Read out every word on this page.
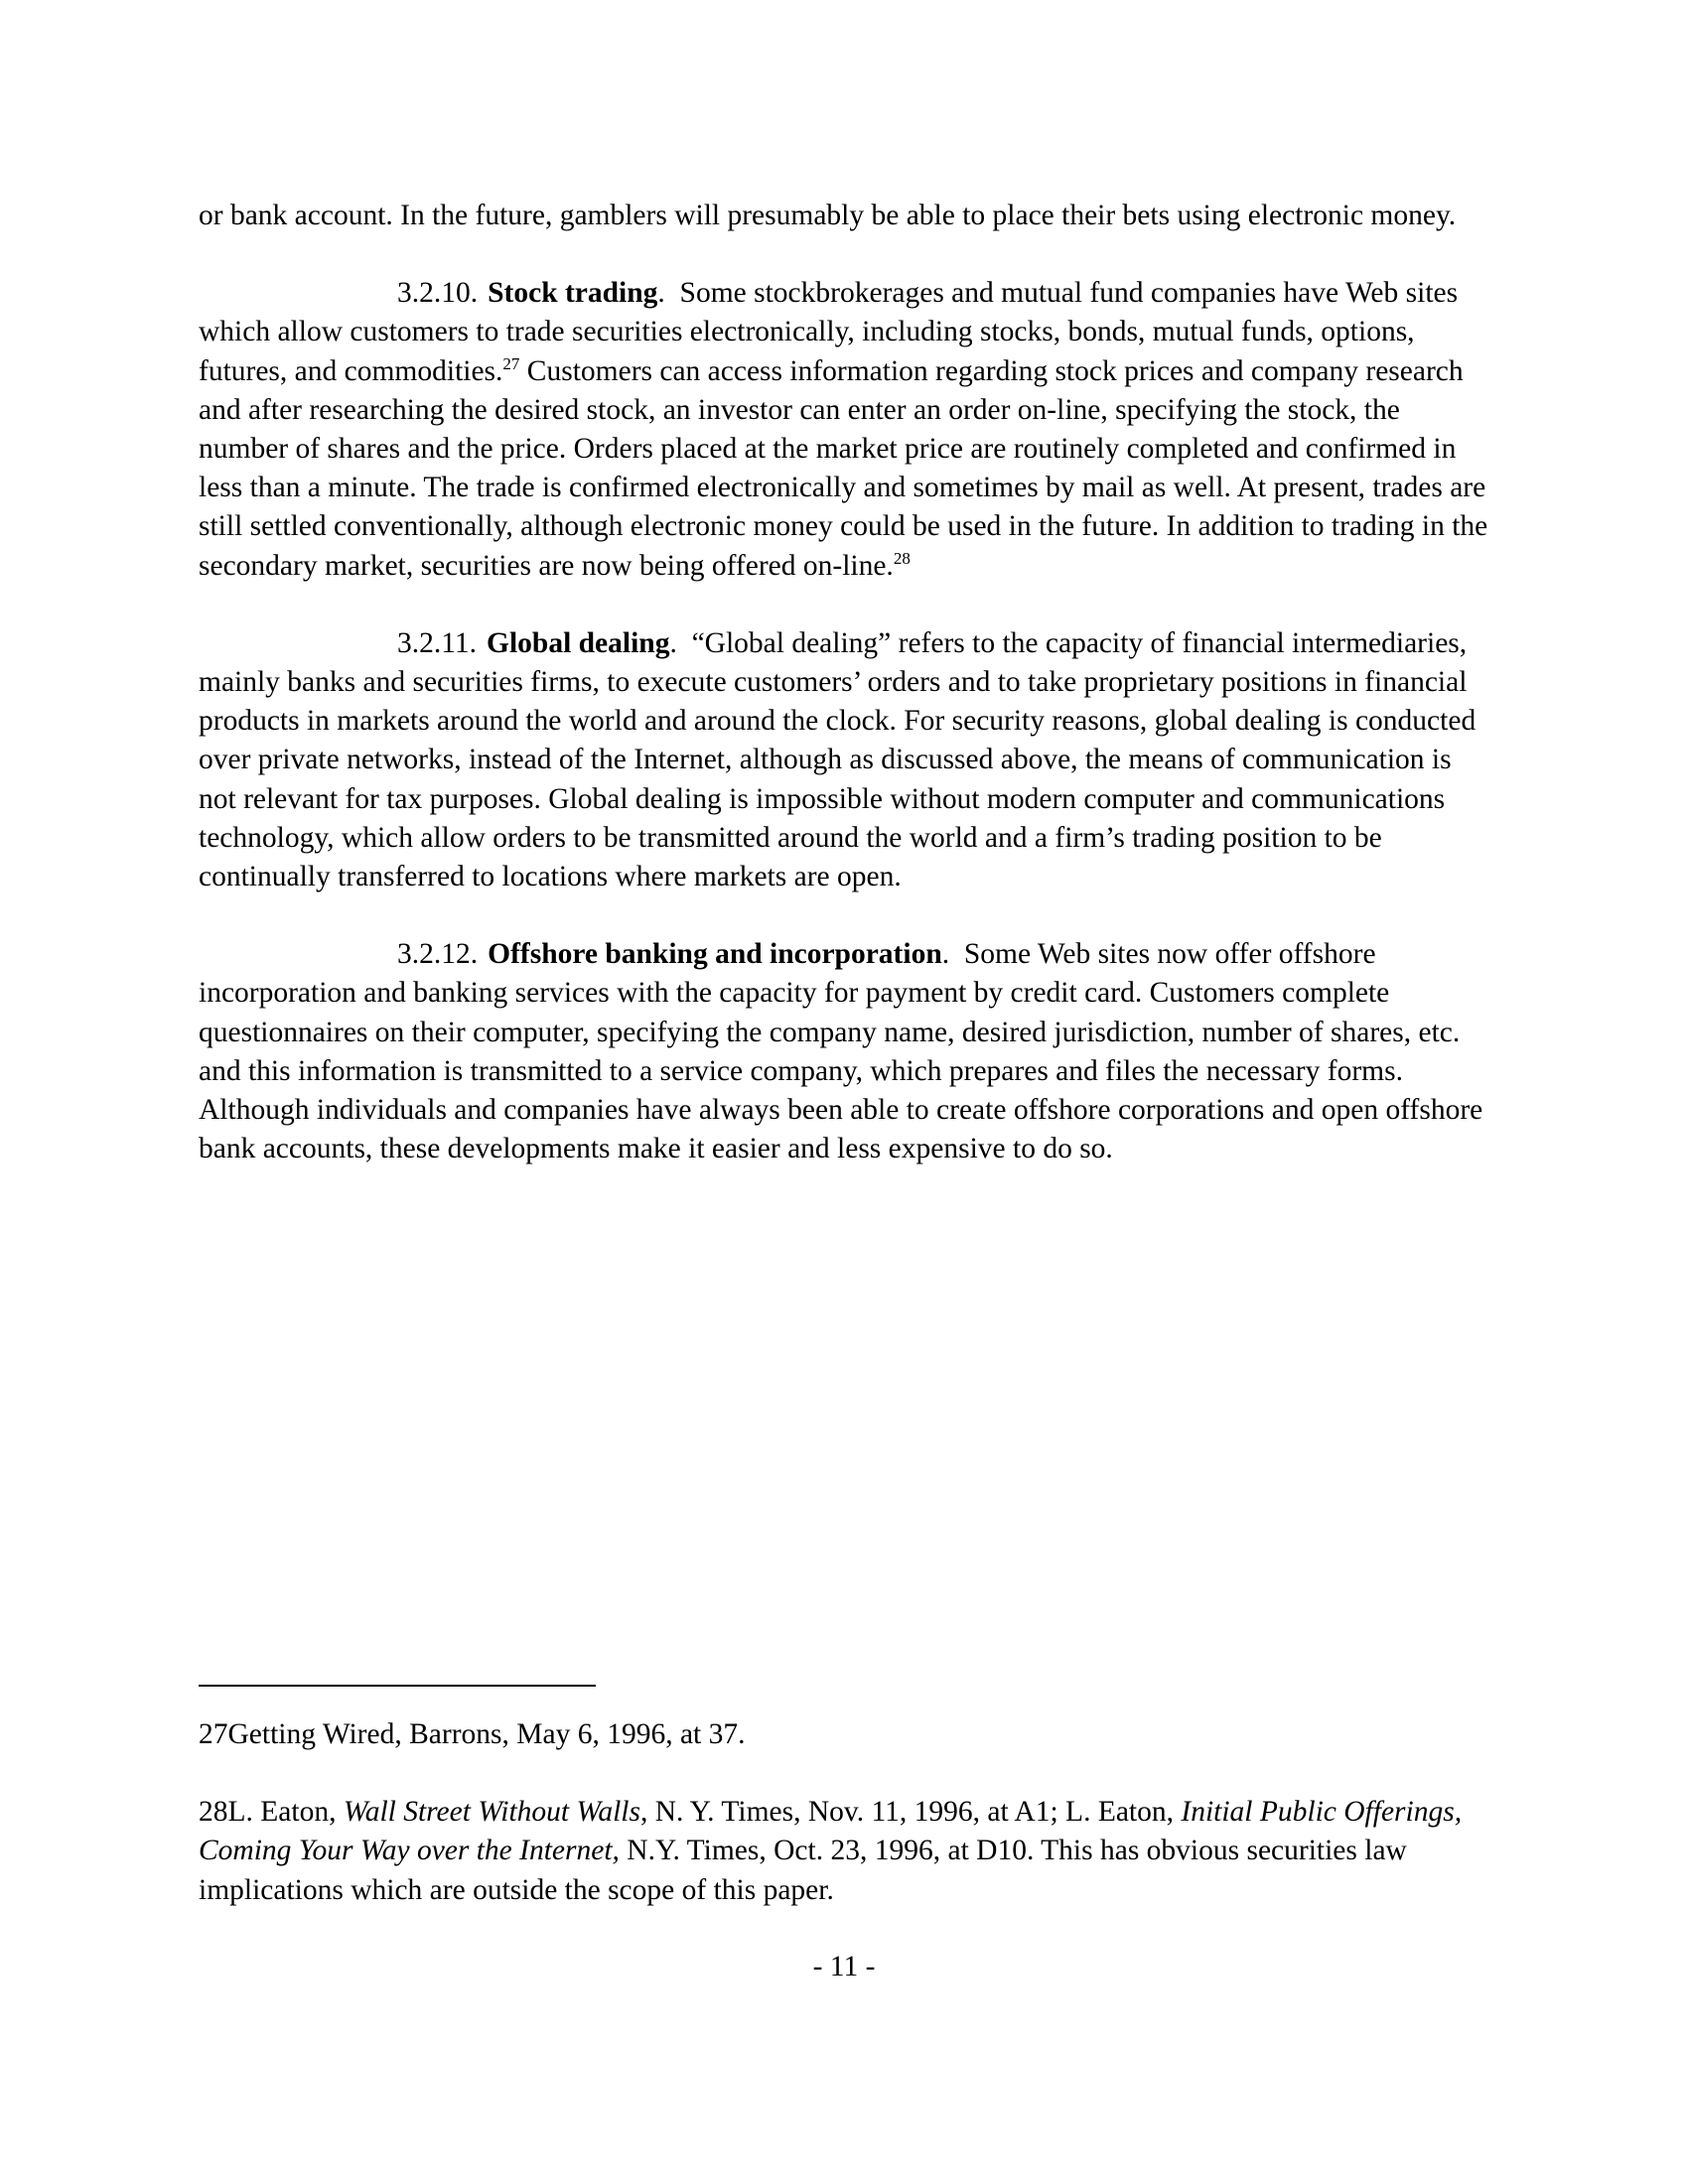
or bank account. In the future, gamblers will presumably be able to place their bets using electronic money.

3.2.10. Stock trading.  Some stockbrokerages and mutual fund companies have Web sites which allow customers to trade securities electronically, including stocks, bonds, mutual funds, options, futures, and commodities.$^{27}$ Customers can access information regarding stock prices and company research and after researching the desired stock, an investor can enter an order on-line, specifying the stock, the number of shares and the price. Orders placed at the market price are routinely completed and confirmed in less than a minute. The trade is confirmed electronically and sometimes by mail as well. At present, trades are still settled conventionally, although electronic money could be used in the future. In addition to trading in the secondary market, securities are now being offered on-line.$^{28}$

3.2.11. Global dealing.  “Global dealing” refers to the capacity of financial intermediaries, mainly banks and securities firms, to execute customers’ orders and to take proprietary positions in financial products in markets around the world and around the clock. For security reasons, global dealing is conducted over private networks, instead of the Internet, although as discussed above, the means of communication is not relevant for tax purposes. Global dealing is impossible without modern computer and communications technology, which allow orders to be transmitted around the world and a firm’s trading position to be continually transferred to locations where markets are open.

3.2.12. Offshore banking and incorporation.  Some Web sites now offer offshore incorporation and banking services with the capacity for payment by credit card. Customers complete questionnaires on their computer, specifying the company name, desired jurisdiction, number of shares, etc. and this information is transmitted to a service company, which prepares and files the necessary forms. Although individuals and companies have always been able to create offshore corporations and open offshore bank accounts, these developments make it easier and less expensive to do so.

27Getting Wired, Barrons, May 6, 1996, at 37.

28L. Eaton, Wall Street Without Walls, N. Y. Times, Nov. 11, 1996, at A1; L. Eaton, Initial Public Offerings, Coming Your Way over the Internet, N.Y. Times, Oct. 23, 1996, at D10. This has obvious securities law implications which are outside the scope of this paper.

- 11 -
